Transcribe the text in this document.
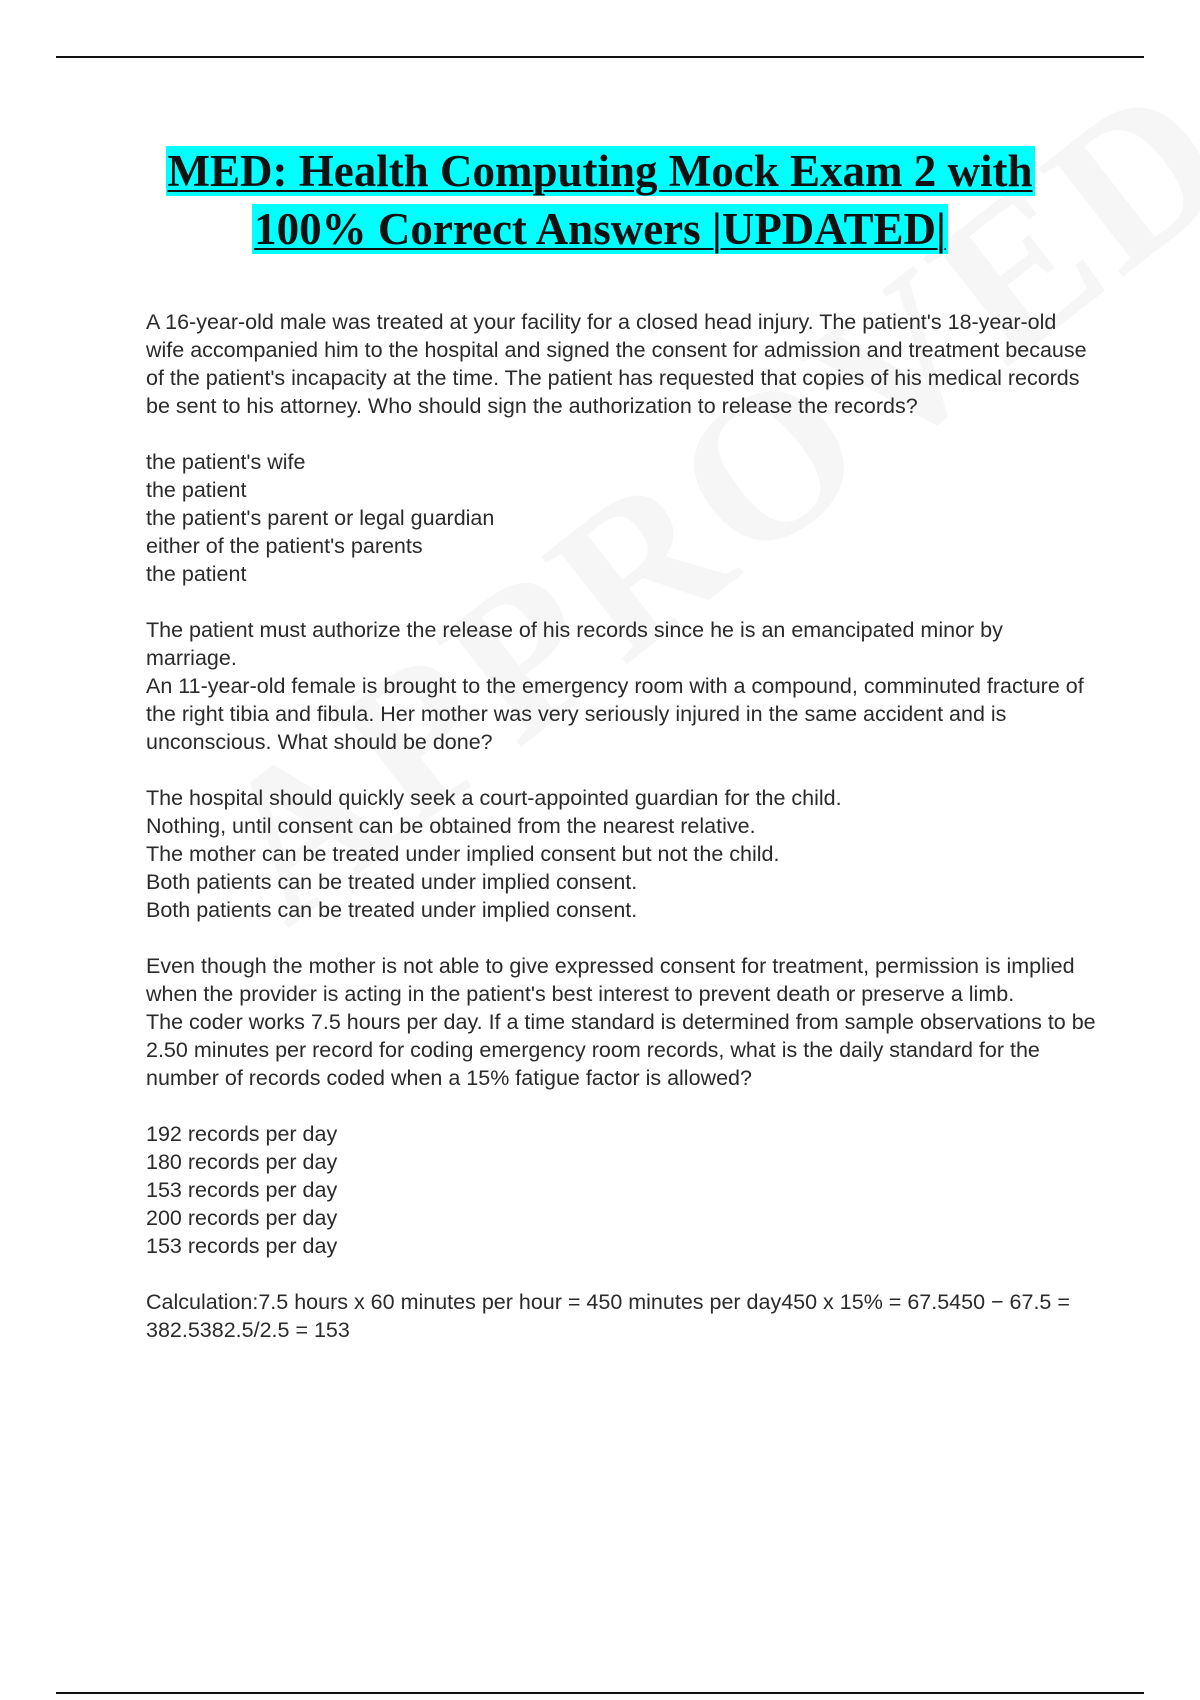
MED: Health Computing Mock Exam 2 with
100% Correct Answers |UPDATED|

A 16-year-old male was treated at your facility for a closed head injury. The patient's 18-year-old wife accompanied him to the hospital and signed the consent for admission and treatment because of the patient's incapacity at the time. The patient has requested that copies of his medical records be sent to his attorney. Who should sign the authorization to release the records?

the patient's wife
the patient
the patient's parent or legal guardian
either of the patient's parents
the patient

The patient must authorize the release of his records since he is an emancipated minor by marriage.

An 11-year-old female is brought to the emergency room with a compound, comminuted fracture of the right tibia and fibula. Her mother was very seriously injured in the same accident and is unconscious. What should be done?

The hospital should quickly seek a court-appointed guardian for the child.
Nothing, until consent can be obtained from the nearest relative.
The mother can be treated under implied consent but not the child.
Both patients can be treated under implied consent.
Both patients can be treated under implied consent.

Even though the mother is not able to give expressed consent for treatment, permission is implied when the provider is acting in the patient's best interest to prevent death or preserve a limb.

The coder works 7.5 hours per day. If a time standard is determined from sample observations to be 2.50 minutes per record for coding emergency room records, what is the daily standard for the number of records coded when a 15% fatigue factor is allowed?

192 records per day
180 records per day
153 records per day
200 records per day
153 records per day

Calculation:7.5 hours x 60 minutes per hour = 450 minutes per day450 x 15% = 67.5450 − 67.5 = 382.5382.5/2.5 = 153
